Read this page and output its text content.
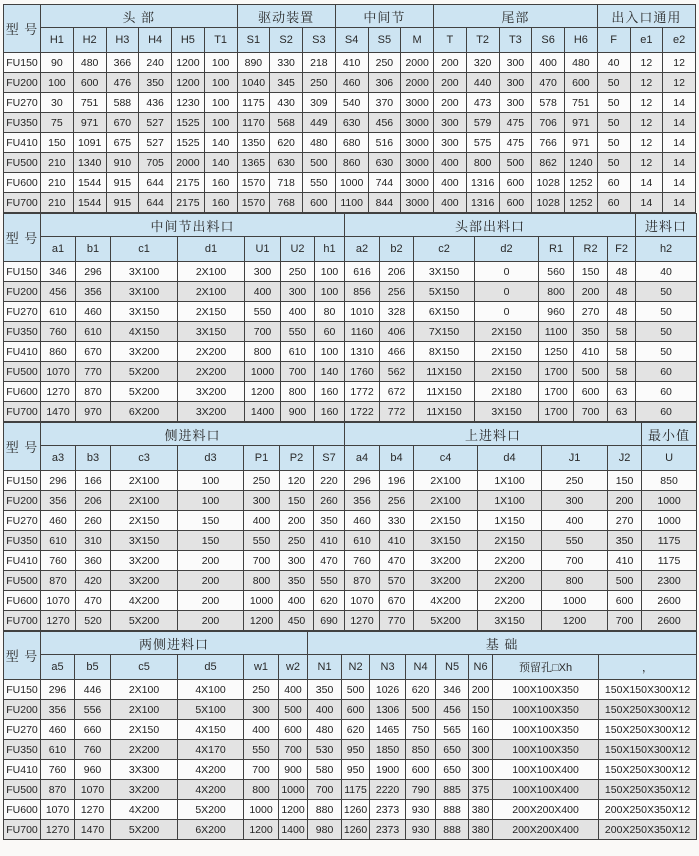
型 号	头 部						驱动装置			中间节			尾部					出入口通用		
	H1	H2	H3	H4	H5	T1	S1	S2	S3	S4	S5	M	T	T2	T3	S6	H6	F	e1	e2
FU150	90	480	366	240	1200	100	890	330	218	410	250	2000	200	320	300	400	480	40	12	12
FU200	100	600	476	350	1200	100	1040	345	250	460	306	2000	200	440	300	470	600	50	12	12
FU270	30	751	588	436	1230	100	1175	430	309	540	370	3000	200	473	300	578	751	50	12	14
FU350	75	971	670	527	1525	100	1170	568	449	630	456	3000	300	579	475	706	971	50	12	14
FU410	150	1091	675	527	1525	140	1350	620	480	680	516	3000	300	575	475	766	971	50	12	14
FU500	210	1340	910	705	2000	140	1365	630	500	860	630	3000	400	800	500	862	1240	50	12	14
FU600	210	1544	915	644	2175	160	1570	718	550	1000	744	3000	400	1316	600	1028	1252	60	14	14
FU700	210	1544	915	644	2175	160	1570	768	600	1100	844	3000	400	1316	600	1028	1252	60	14	14
型 号	中间节出料口							头部出料口							进料口
	a1	b1	c1	d1	U1	U2	h1	a2	b2	c2	d2	R1	R2	F2	h2
FU150	346	296	3X100	2X100	300	250	100	616	206	3X150	0	560	150	48	40
FU200	456	356	3X100	2X100	400	300	100	856	256	5X150	0	800	200	48	50
FU270	610	460	3X150	2X150	550	400	80	1010	328	6X150	0	960	270	48	50
FU350	760	610	4X150	3X150	700	550	60	1160	406	7X150	2X150	1100	350	58	50
FU410	860	670	3X200	2X200	800	610	100	1310	466	8X150	2X150	1250	410	58	50
FU500	1070	770	5X200	2X200	1000	700	140	1760	562	11X150	2X150	1700	500	58	60
FU600	1270	870	5X200	3X200	1200	800	160	1772	672	11X150	2X180	1700	600	63	60
FU700	1470	970	6X200	3X200	1400	900	160	1722	772	11X150	3X150	1700	700	63	60
型 号	侧进料口							上进料口						最小值
	a3	b3	c3	d3	P1	P2	S7	a4	b4	c4	d4	J1	J2	U
FU150	296	166	2X100	100	250	120	220	296	196	2X100	1X100	250	150	850
FU200	356	206	2X100	100	300	150	260	356	256	2X100	1X100	300	200	1000
FU270	460	260	2X150	150	400	200	350	460	330	2X150	1X150	400	270	1000
FU350	610	310	3X150	150	550	250	410	610	410	3X150	2X150	550	350	1175
FU410	760	360	3X200	200	700	300	470	760	470	3X200	2X200	700	410	1175
FU500	870	420	3X200	200	800	350	550	870	570	3X200	2X200	800	500	2300
FU600	1070	470	4X200	200	1000	400	620	1070	670	4X200	2X200	1000	600	2600
FU700	1270	520	5X200	200	1200	450	690	1270	770	5X200	3X150	1200	700	2600
型 号	两侧进料口						基 础							
	a5	b5	c5	d5	w1	w2	N1	N2	N3	N4	N5	N6	预留孔□Xh	，
FU150	296	446	2X100	4X100	250	400	350	500	1026	620	346	200	100X100X350	150X150X300X12
FU200	356	556	2X100	5X100	300	500	400	600	1306	500	456	150	100X100X350	150X250X300X12
FU270	460	660	2X150	4X150	400	600	480	620	1465	750	565	160	100X100X350	150X250X300X12
FU350	610	760	2X200	4X170	550	700	530	950	1850	850	650	300	100X100X350	150X150X300X12
FU410	760	960	3X300	4X200	700	900	580	950	1900	600	650	300	100X100X400	150X250X300X12
FU500	870	1070	3X200	4X200	800	1000	700	1175	2220	790	885	375	100X100X400	150X250X350X12
FU600	1070	1270	4X200	5X200	1000	1200	880	1260	2373	930	888	380	200X200X400	200X250X350X12
FU700	1270	1470	5X200	6X200	1200	1400	980	1260	2373	930	888	380	200X200X400	200X250X350X12
